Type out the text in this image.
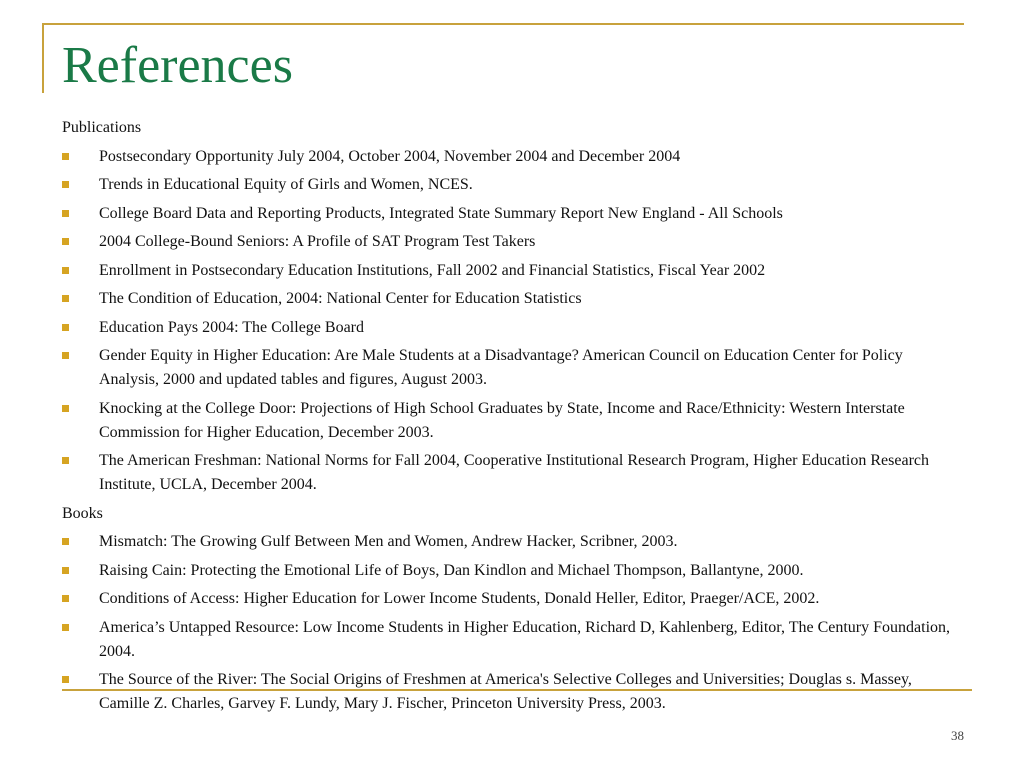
References
Publications
Postsecondary Opportunity July 2004, October 2004, November 2004 and December 2004
Trends in Educational Equity of Girls and Women, NCES.
College Board Data and Reporting Products, Integrated State Summary Report New England - All Schools
2004 College-Bound Seniors: A Profile of SAT Program Test Takers
Enrollment in Postsecondary Education Institutions, Fall 2002 and Financial Statistics, Fiscal Year 2002
The Condition of Education, 2004: National Center for Education Statistics
Education Pays 2004: The College Board
Gender Equity in Higher Education: Are Male Students at a Disadvantage? American Council on Education Center for Policy Analysis, 2000 and updated tables and figures, August 2003.
Knocking at the College Door: Projections of High School Graduates by State, Income and Race/Ethnicity: Western Interstate Commission for Higher Education, December 2003.
The American Freshman: National Norms for Fall 2004, Cooperative Institutional Research Program, Higher Education Research Institute, UCLA, December 2004.
Books
Mismatch: The Growing Gulf Between Men and Women, Andrew Hacker, Scribner, 2003.
Raising Cain: Protecting the Emotional Life of Boys, Dan Kindlon and Michael Thompson, Ballantyne, 2000.
Conditions of Access: Higher Education for Lower Income Students, Donald Heller, Editor, Praeger/ACE, 2002.
America’s Untapped Resource: Low Income Students in Higher Education, Richard D, Kahlenberg, Editor, The Century Foundation, 2004.
The Source of the River: The Social Origins of Freshmen at America's Selective Colleges and Universities; Douglas s. Massey, Camille Z. Charles, Garvey F. Lundy, Mary J. Fischer, Princeton University Press, 2003.
38
